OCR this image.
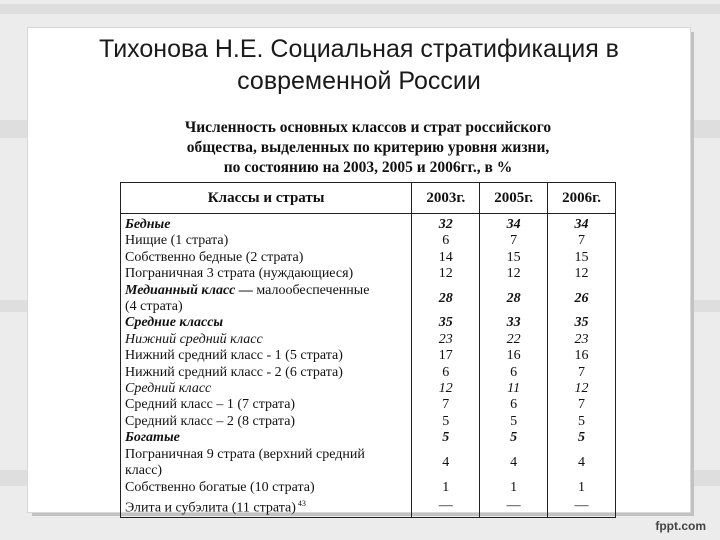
Тихонова Н.Е. Социальная стратификация в
современной России
Численность основных классов и страт российского
общества, выделенных по критерию уровня жизни,
по состоянию на 2003, 2005 и 2006гг., в %
Классы и страты	2003г.	2005г.	2006г.
Бедные	32	34	34
Нищие (1 страта)	6	7	7
Собственно бедные (2 страта)	14	15	15
Пограничная 3 страта (нуждающиеся)	12	12	12
Медианный класс — малообеспеченные
(4 страта)	28	28	26
Средние классы	35	33	35
Нижний средний класс	23	22	23
Нижний средний класс - 1 (5 страта)	17	16	16
Нижний средний класс - 2 (6 страта)	6	6	7
Средний класс	12	11	12
Средний класс – 1 (7 страта)	7	6	7
Средний класс – 2 (8 страта)	5	5	5
Богатые	5	5	5
Пограничная 9 страта (верхний средний
класс)	4	4	4
Собственно богатые (10 страта)	1	1	1
Элита и субэлита (11 страта) $^{43}$	—	—	—
fppt.com
